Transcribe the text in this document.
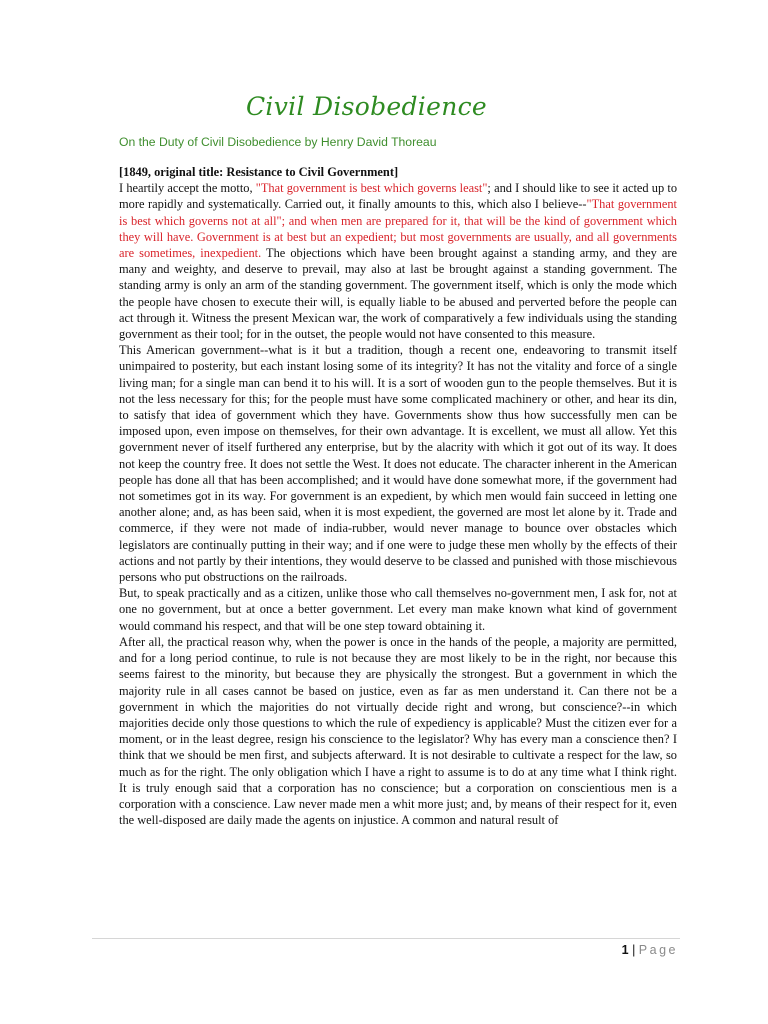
Civil Disobedience

On the Duty of Civil Disobedience by Henry David Thoreau

[1849, original title: Resistance to Civil Government]

I heartily accept the motto, "That government is best which governs least"; and I should like to see it acted up to more rapidly and systematically. Carried out, it finally amounts to this, which also I believe--"That government is best which governs not at all"; and when men are prepared for it, that will be the kind of government which they will have. Government is at best but an expedient; but most governments are usually, and all governments are sometimes, inexpedient. The objections which have been brought against a standing army, and they are many and weighty, and deserve to prevail, may also at last be brought against a standing government. The standing army is only an arm of the standing government. The government itself, which is only the mode which the people have chosen to execute their will, is equally liable to be abused and perverted before the people can act through it. Witness the present Mexican war, the work of comparatively a few individuals using the standing government as their tool; for in the outset, the people would not have consented to this measure.

This American government--what is it but a tradition, though a recent one, endeavoring to transmit itself unimpaired to posterity, but each instant losing some of its integrity? It has not the vitality and force of a single living man; for a single man can bend it to his will. It is a sort of wooden gun to the people themselves. But it is not the less necessary for this; for the people must have some complicated machinery or other, and hear its din, to satisfy that idea of government which they have. Governments show thus how successfully men can be imposed upon, even impose on themselves, for their own advantage. It is excellent, we must all allow. Yet this government never of itself furthered any enterprise, but by the alacrity with which it got out of its way. It does not keep the country free. It does not settle the West. It does not educate. The character inherent in the American people has done all that has been accomplished; and it would have done somewhat more, if the government had not sometimes got in its way. For government is an expedient, by which men would fain succeed in letting one another alone; and, as has been said, when it is most expedient, the governed are most let alone by it. Trade and commerce, if they were not made of india-rubber, would never manage to bounce over obstacles which legislators are continually putting in their way; and if one were to judge these men wholly by the effects of their actions and not partly by their intentions, they would deserve to be classed and punished with those mischievous persons who put obstructions on the railroads.

But, to speak practically and as a citizen, unlike those who call themselves no-government men, I ask for, not at one no government, but at once a better government. Let every man make known what kind of government would command his respect, and that will be one step toward obtaining it.

After all, the practical reason why, when the power is once in the hands of the people, a majority are permitted, and for a long period continue, to rule is not because they are most likely to be in the right, nor because this seems fairest to the minority, but because they are physically the strongest. But a government in which the majority rule in all cases cannot be based on justice, even as far as men understand it. Can there not be a government in which the majorities do not virtually decide right and wrong, but conscience?--in which majorities decide only those questions to which the rule of expediency is applicable? Must the citizen ever for a moment, or in the least degree, resign his conscience to the legislator? Why has every man a conscience then? I think that we should be men first, and subjects afterward. It is not desirable to cultivate a respect for the law, so much as for the right. The only obligation which I have a right to assume is to do at any time what I think right. It is truly enough said that a corporation has no conscience; but a corporation on conscientious men is a corporation with a conscience. Law never made men a whit more just; and, by means of their respect for it, even the well-disposed are daily made the agents on injustice. A common and natural result of

1 | Page
